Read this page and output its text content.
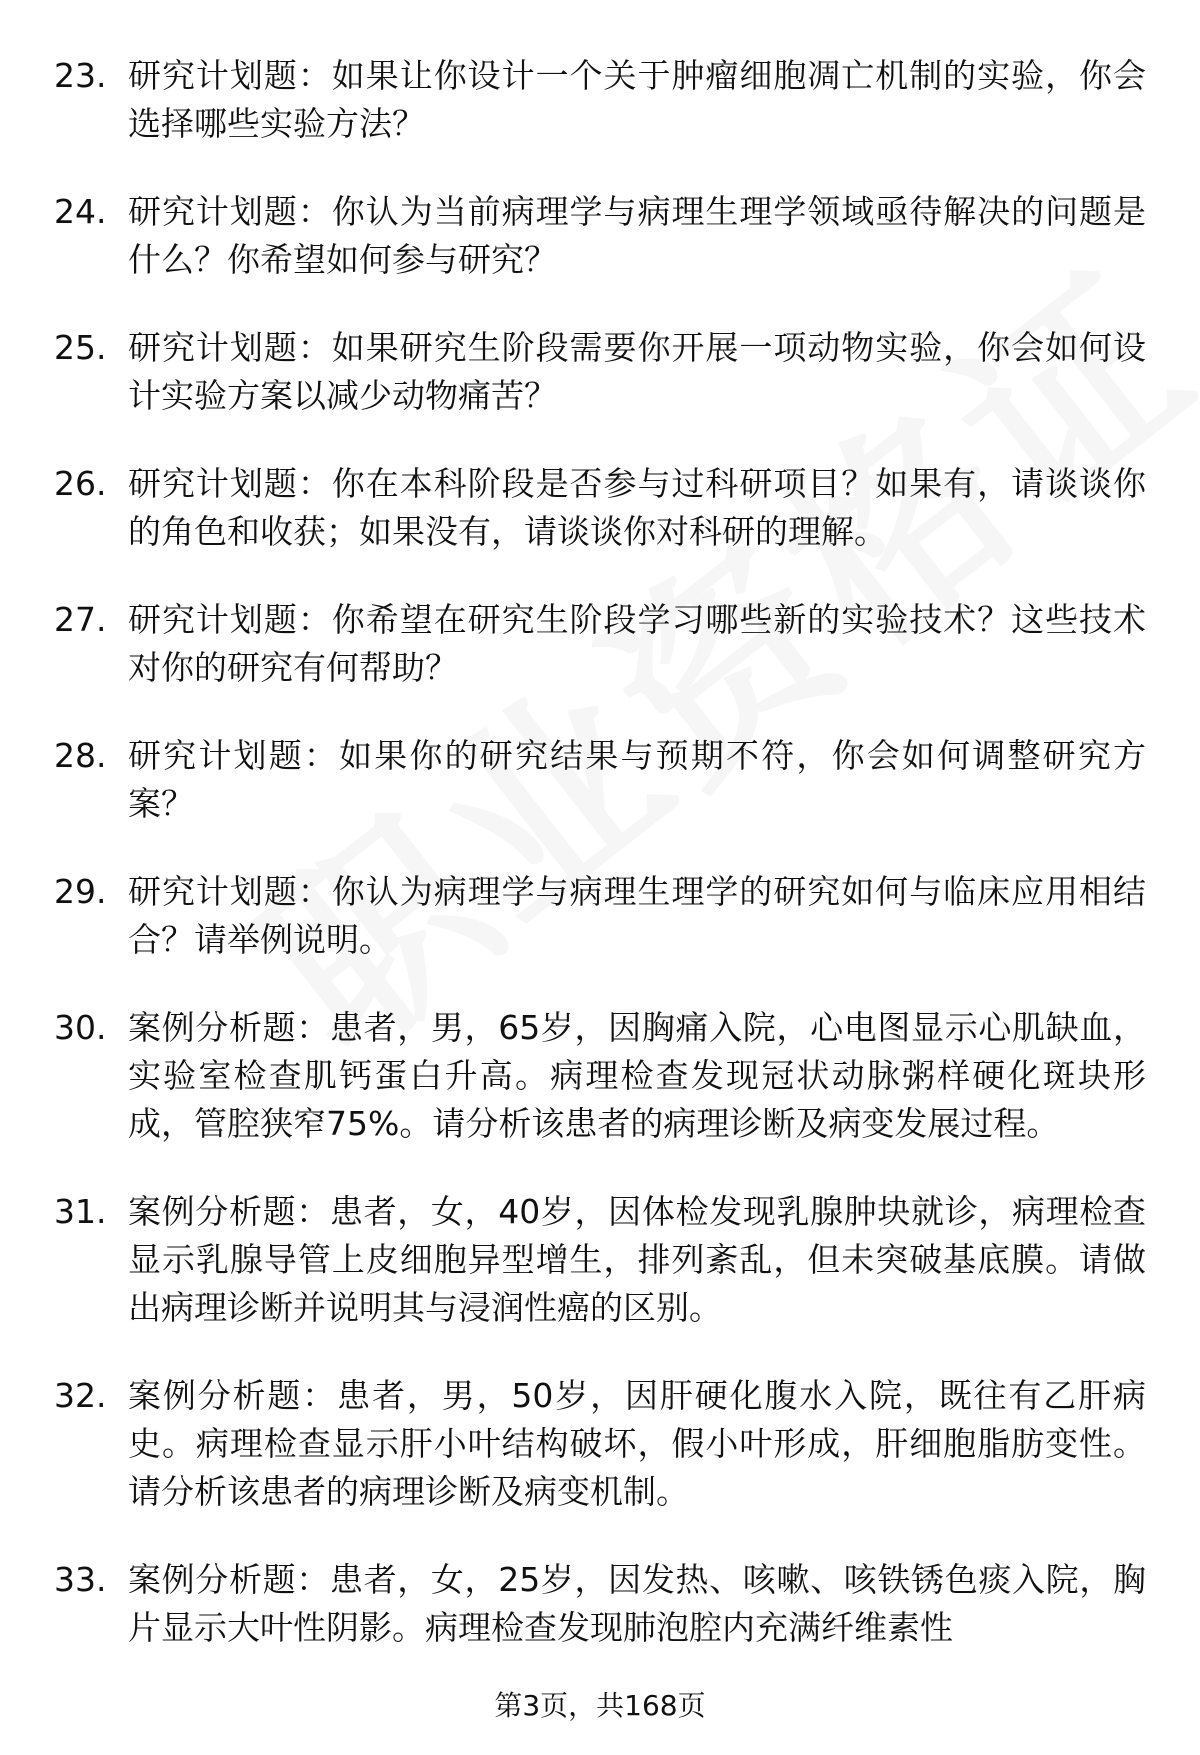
23. 研究计划题：如果让你设计一个关于肿瘤细胞凋亡机制的实验，你会选择哪些实验方法？
24. 研究计划题：你认为当前病理学与病理生理学领域亟待解决的问题是什么？你希望如何参与研究？
25. 研究计划题：如果研究生阶段需要你开展一项动物实验，你会如何设计实验方案以减少动物痛苦？
26. 研究计划题：你在本科阶段是否参与过科研项目？如果有，请谈谈你的角色和收获；如果没有，请谈谈你对科研的理解。
27. 研究计划题：你希望在研究生阶段学习哪些新的实验技术？这些技术对你的研究有何帮助？
28. 研究计划题：如果你的研究结果与预期不符，你会如何调整研究方案？
29. 研究计划题：你认为病理学与病理生理学的研究如何与临床应用相结合？请举例说明。
30. 案例分析题：患者，男，65岁，因胸痛入院，心电图显示心肌缺血，实验室检查肌钙蛋白升高。病理检查发现冠状动脉粥样硬化斑块形成，管腔狭窄75%。请分析该患者的病理诊断及病变发展过程。
31. 案例分析题：患者，女，40岁，因体检发现乳腺肿块就诊，病理检查显示乳腺导管上皮细胞异型增生，排列紊乱，但未突破基底膜。请做出病理诊断并说明其与浸润性癌的区别。
32. 案例分析题：患者，男，50岁，因肝硬化腹水入院，既往有乙肝病史。病理检查显示肝小叶结构破坏，假小叶形成，肝细胞脂肪变性。请分析该患者的病理诊断及病变机制。
33. 案例分析题：患者，女，25岁，因发热、咳嗽、咳铁锈色痰入院，胸片显示大叶性阴影。病理检查发现肺泡腔内充满纤维素性
第3页，共168页
